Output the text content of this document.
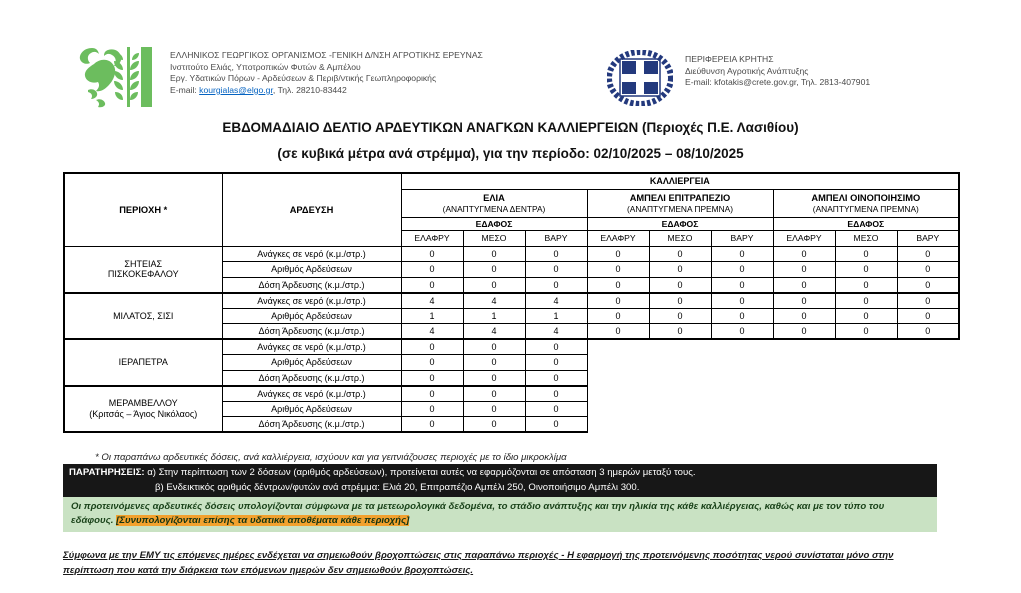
ΕΛΛΗΝΙΚΟΣ ΓΕΩΡΓΙΚΟΣ ΟΡΓΑΝΙΣΜΟΣ -ΓΕΝΙΚΗ Δ/ΝΣΗ ΑΓΡΟΤΙΚΗΣ ΕΡΕΥΝΑΣ
Ινστιτούτο Ελιάς, Υποτροπικών Φυτών & Αμπέλου
Εργ. Υδατικών Πόρων - Αρδεύσεων & Περιβ/ντικής Γεωπληροφορικής
E-mail: kourgialas@elgo.gr, Τηλ. 28210-83442
ΠΕΡΙΦΕΡΕΙΑ ΚΡΗΤΗΣ
Διεύθυνση Αγροτικής Ανάπτυξης
E-mail: kfotakis@crete.gov.gr, Τηλ. 2813-407901
ΕΒΔΟΜΑΔΙΑΙΟ ΔΕΛΤΙΟ ΑΡΔΕΥΤΙΚΩΝ ΑΝΑΓΚΩΝ ΚΑΛΛΙΕΡΓΕΙΩΝ (Περιοχές Π.Ε. Λασιθίου)
(σε κυβικά μέτρα ανά στρέμμα), για την περίοδο: 02/10/2025 – 08/10/2025
ΠΕΡΙΟΧΗ *	ΑΡΔΕΥΣΗ	ΚΑΛΛΙΕΡΓΕΙΑ								

ΕΛΙΑ
(ΑΝΑΠΤΥΓΜΕΝΑ ΔΕΝΤΡΑ)

ΑΜΠΕΛΙ ΕΠΙΤΡΑΠΕΖΙΟ
(ΑΝΑΠΤΥΓΜΕΝΑ ΠΡΕΜΝΑ)

ΑΜΠΕΛΙ ΟΙΝΟΠΟΙΗΣΙΜΟ
(ΑΝΑΠΤΥΓΜΕΝΑ ΠΡΕΜΝΑ)

		ΕΔΑΦΟΣ			ΕΔΑΦΟΣ			ΕΔΑΦΟΣ		
		ΕΛΑΦΡΥ	ΜΕΣΟ	ΒΑΡΥ	ΕΛΑΦΡΥ	ΜΕΣΟ	ΒΑΡΥ	ΕΛΑΦΡΥ	ΜΕΣΟ	ΒΑΡΥ

ΣΗΤΕΙΑΣ
ΠΙΣΚΟΚΕΦΑΛΟΥ	Ανάγκες σε νερό (κ.μ./στρ.)	0	0	0	0	0	0	0	0	0
	Αριθμός Αρδεύσεων	0	0	0	0	0	0	0	0	0
	Δόση Άρδευσης (κ.μ./στρ.)	0	0	0	0	0	0	0	0	0

ΜΙΛΑΤΟΣ, ΣΙΣΙ	Ανάγκες σε νερό (κ.μ./στρ.)	4	4	4	0	0	0	0	0	0
	Αριθμός Αρδεύσεων	1	1	1	0	0	0	0	0	0
	Δόση Άρδευσης (κ.μ./στρ.)	4	4	4	0	0	0	0	0	0

ΙΕΡΑΠΕΤΡΑ	Ανάγκες σε νερό (κ.μ./στρ.)	0	0	0						
	Αριθμός Αρδεύσεων	0	0	0						
	Δόση Άρδευσης (κ.μ./στρ.)	0	0	0						

ΜΕΡΑΜΒΕΛΛΟΥ
(Κριτσάς – Άγιος Νικόλαος)	Ανάγκες σε νερό (κ.μ./στρ.)	0	0	0						
	Αριθμός Αρδεύσεων	0	0	0						
	Δόση Άρδευσης (κ.μ./στρ.)	0	0	0						
* Οι παραπάνω αρδευτικές δόσεις, ανά καλλιέργεια, ισχύουν και για γειτνιάζουσες περιοχές με το ίδιο μικροκλίμα
ΠΑΡΑΤΗΡΗΣΕΙΣ: α) Στην περίπτωση των 2 δόσεων (αριθμός αρδεύσεων), προτείνεται αυτές να εφαρμόζονται σε απόσταση 3 ημερών μεταξύ τους.
β) Ενδεικτικός αριθμός δέντρων/φυτών ανά στρέμμα: Ελιά 20, Επιτραπέζιο Αμπέλι 250, Οινοποιήσιμο Αμπέλι 300.
Οι προτεινόμενες αρδευτικές δόσεις υπολογίζονται σύμφωνα με τα μετεωρολογικά δεδομένα, το στάδιο ανάπτυξης και την ηλικία της κάθε καλλιέργειας, καθώς και με τον τύπο του εδάφους. [Συνυπολογίζονται επίσης τα υδατικά αποθέματα κάθε περιοχής]
Σύμφωνα με την ΕΜΥ τις επόμενες ημέρες ενδέχεται να σημειωθούν βροχοπτώσεις στις παραπάνω περιοχές - Η εφαρμογή της προτεινόμενης ποσότητας νερού συνίσταται μόνο στην περίπτωση που κατά την διάρκεια των επόμενων ημερών δεν σημειωθούν βροχοπτώσεις.
